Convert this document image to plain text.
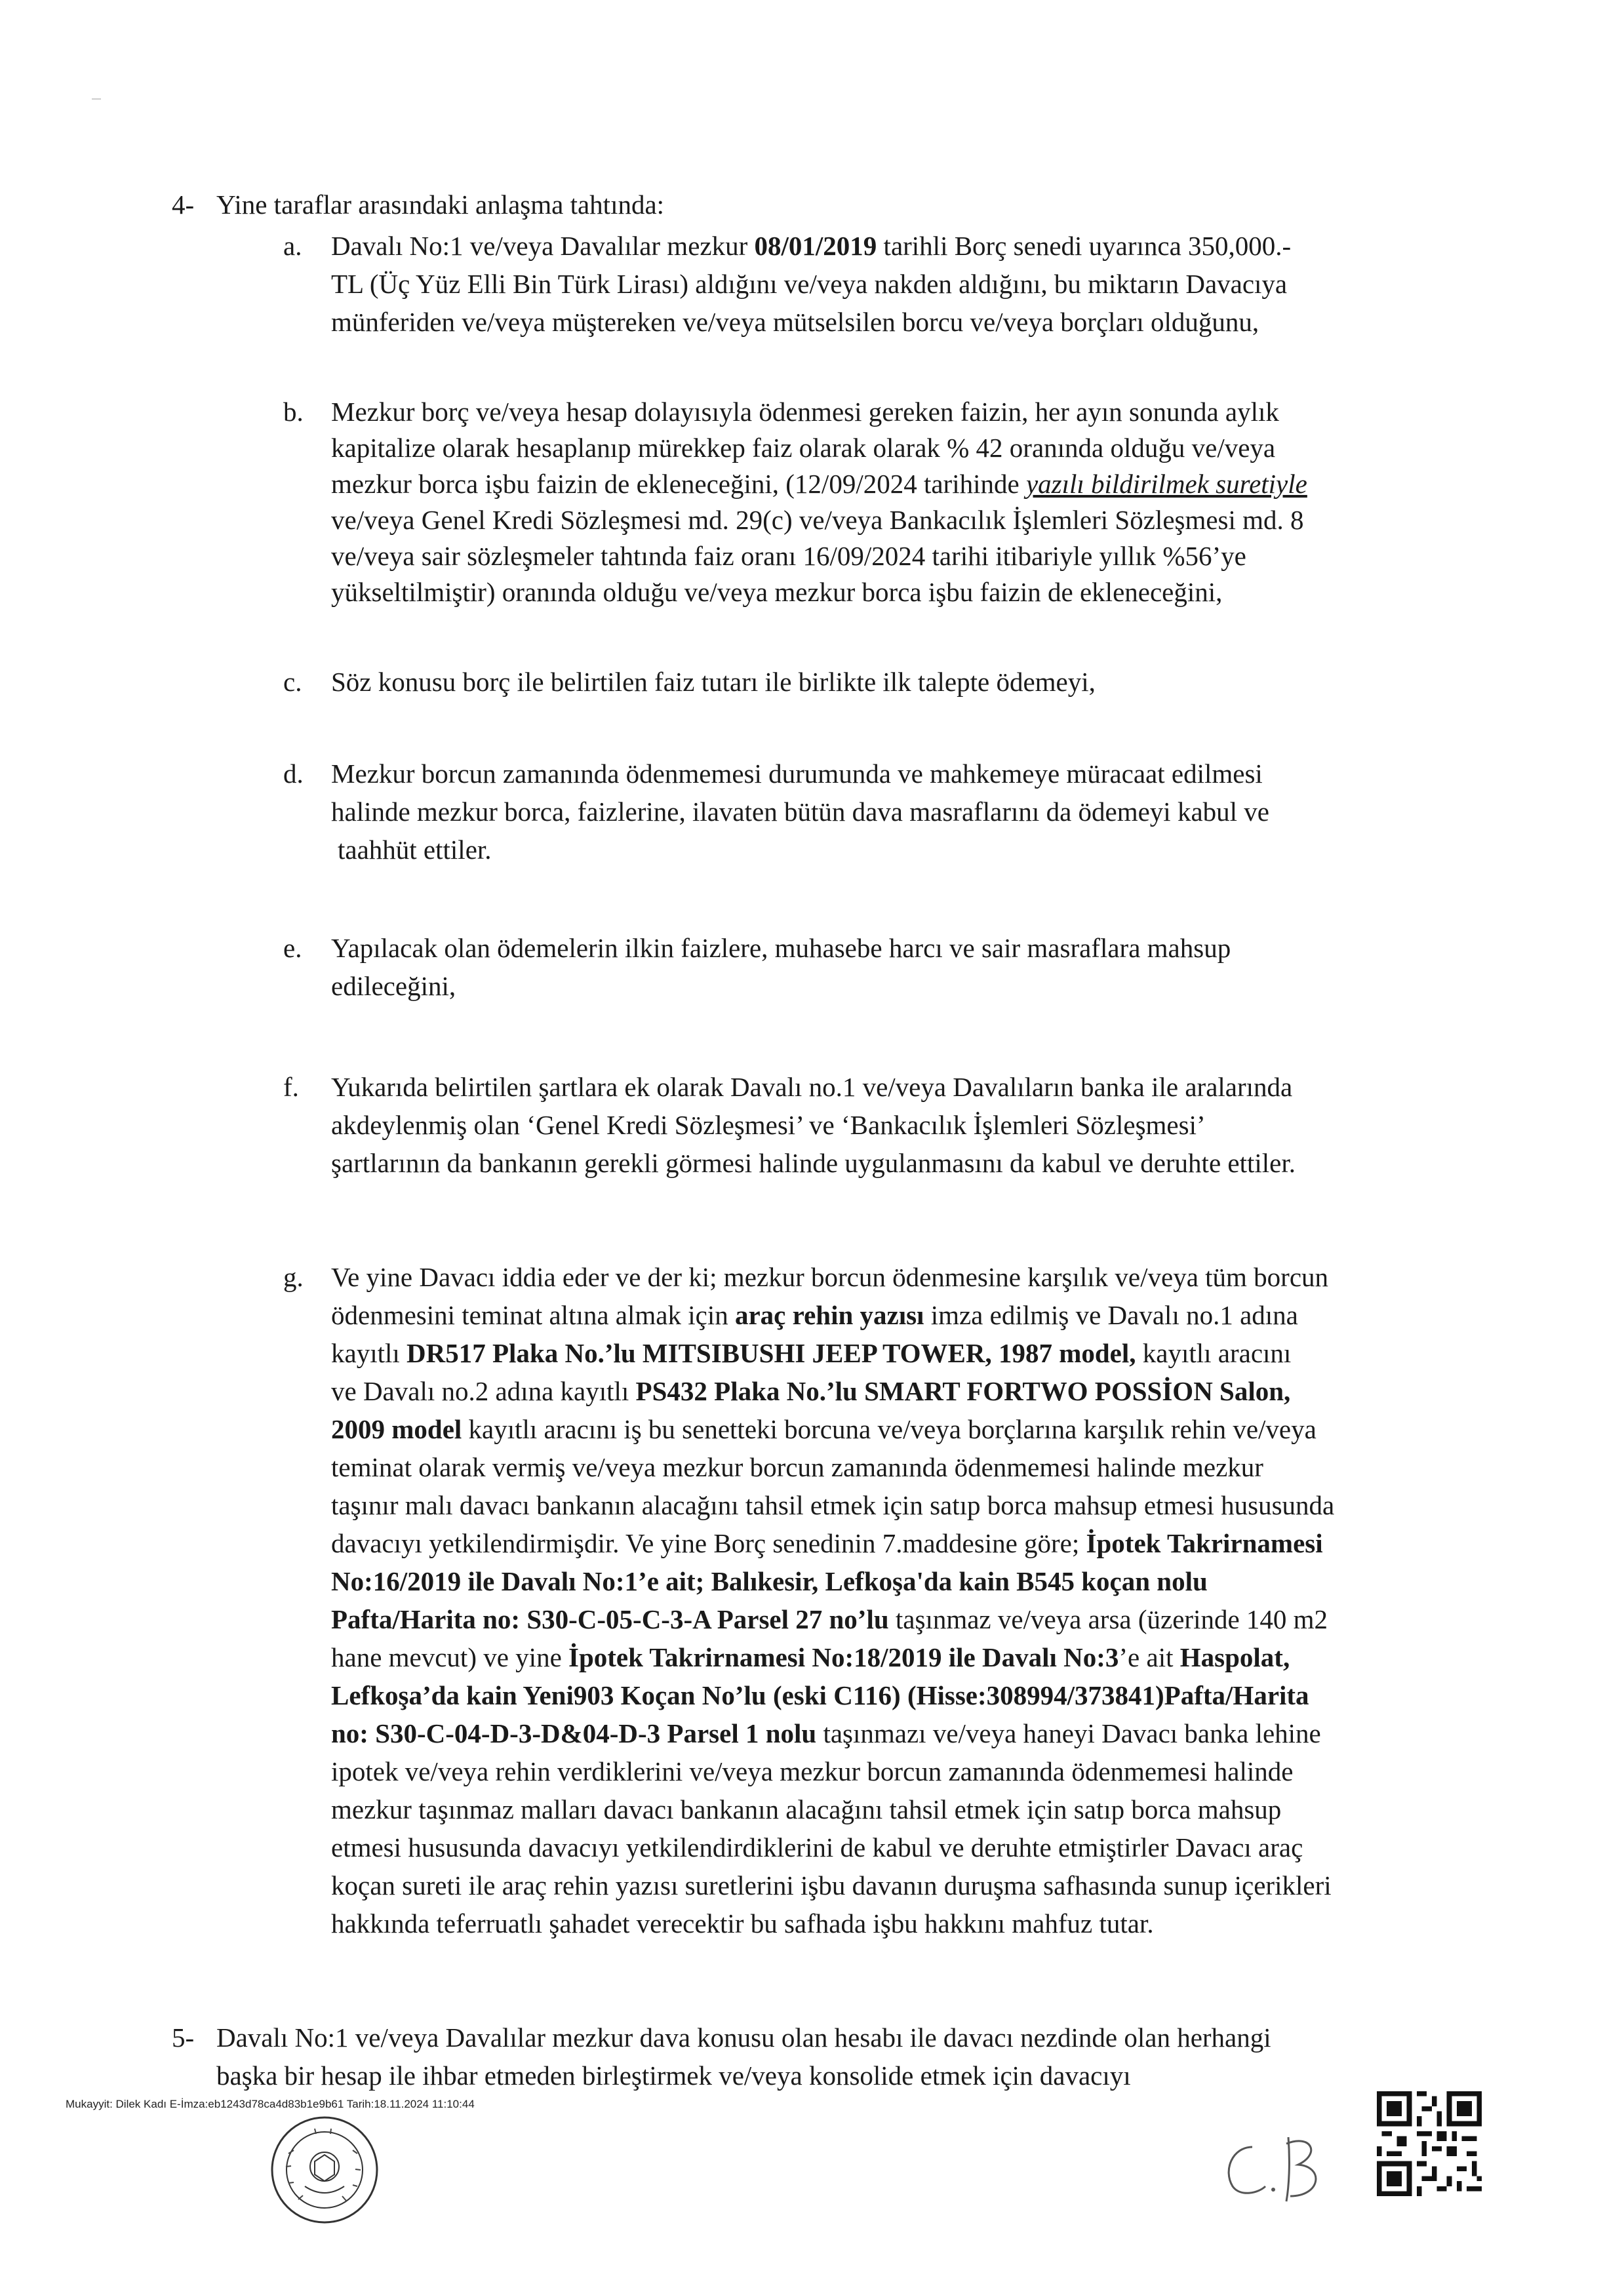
4- Yine taraflar arasındaki anlaşma tahtında:
a. Davalı No:1 ve/veya Davalılar mezkur 08/01/2019 tarihli Borç senedi uyarınca 350,000.-
TL (Üç Yüz Elli Bin Türk Lirası) aldığını ve/veya nakden aldığını, bu miktarın Davacıya
münferiden ve/veya müştereken ve/veya mütselsilen borcu ve/veya borçları olduğunu,
b. Mezkur borç ve/veya hesap dolayısıyla ödenmesi gereken faizin, her ayın sonunda aylık
kapitalize olarak hesaplanıp mürekkep faiz olarak olarak % 42 oranında olduğu ve/veya
mezkur borca işbu faizin de ekleneceğini, (12/09/2024 tarihinde yazılı bildirilmek suretiyle
ve/veya Genel Kredi Sözleşmesi md. 29(c) ve/veya Bankacılık İşlemleri Sözleşmesi md. 8
ve/veya sair sözleşmeler tahtında faiz oranı 16/09/2024 tarihi itibariyle yıllık %56’ye
yükseltilmiştir) oranında olduğu ve/veya mezkur borca işbu faizin de ekleneceğini,
c. Söz konusu borç ile belirtilen faiz tutarı ile birlikte ilk talepte ödemeyi,
d. Mezkur borcun zamanında ödenmemesi durumunda ve mahkemeye müracaat edilmesi
halinde mezkur borca, faizlerine, ilavaten bütün dava masraflarını da ödemeyi kabul ve
taahhüt ettiler.
e. Yapılacak olan ödemelerin ilkin faizlere, muhasebe harcı ve sair masraflara mahsup
edileceğini,
f. Yukarıda belirtilen şartlara ek olarak Davalı no.1 ve/veya Davalıların banka ile aralarında
akdeylenmiş olan ‘Genel Kredi Sözleşmesi’ ve ‘Bankacılık İşlemleri Sözleşmesi’
şartlarının da bankanın gerekli görmesi halinde uygulanmasını da kabul ve deruhte ettiler.
g. Ve yine Davacı iddia eder ve der ki; mezkur borcun ödenmesine karşılık ve/veya tüm borcun
ödenmesini teminat altına almak için araç rehin yazısı imza edilmiş ve Davalı no.1 adına
kayıtlı DR517 Plaka No.’lu MITSIBUSHI JEEP TOWER, 1987 model, kayıtlı aracını
ve Davalı no.2 adına kayıtlı PS432 Plaka No.’lu SMART FORTWO POSSİON Salon,
2009 model kayıtlı aracını iş bu senetteki borcuna ve/veya borçlarına karşılık rehin ve/veya
teminat olarak vermiş ve/veya mezkur borcun zamanında ödenmemesi halinde mezkur
taşınır malı davacı bankanın alacağını tahsil etmek için satıp borca mahsup etmesi hususunda
davacıyı yetkilendirmişdir. Ve yine Borç senedinin 7.maddesine göre; İpotek Takrirnamesi
No:16/2019 ile Davalı No:1’e ait; Balıkesir, Lefkoşa'da kain B545 koçan nolu
Pafta/Harita no: S30-C-05-C-3-A Parsel 27 no’lu taşınmaz ve/veya arsa (üzerinde 140 m2
hane mevcut) ve yine İpotek Takrirnamesi No:18/2019 ile Davalı No:3’e ait Haspolat,
Lefkoşa’da kain Yeni903 Koçan No’lu (eski C116) (Hisse:308994/373841)Pafta/Harita
no: S30-C-04-D-3-D&04-D-3 Parsel 1 nolu taşınmazı ve/veya haneyi Davacı banka lehine
ipotek ve/veya rehin verdiklerini ve/veya mezkur borcun zamanında ödenmemesi halinde
mezkur taşınmaz malları davacı bankanın alacağını tahsil etmek için satıp borca mahsup
etmesi hususunda davacıyı yetkilendirdiklerini de kabul ve deruhte etmiştirler Davacı araç
koçan sureti ile araç rehin yazısı suretlerini işbu davanın duruşma safhasında sunup içerikleri
hakkında teferruatlı şahadet verecektir bu safhada işbu hakkını mahfuz tutar.
5- Davalı No:1 ve/veya Davalılar mezkur dava konusu olan hesabı ile davacı nezdinde olan herhangi
başka bir hesap ile ihbar etmeden birleştirmek ve/veya konsolide etmek için davacıyı
Mukayyit: Dilek Kadı E-İmza:eb1243d78ca4d83b1e9b61 Tarih:18.11.2024 11:10:44
